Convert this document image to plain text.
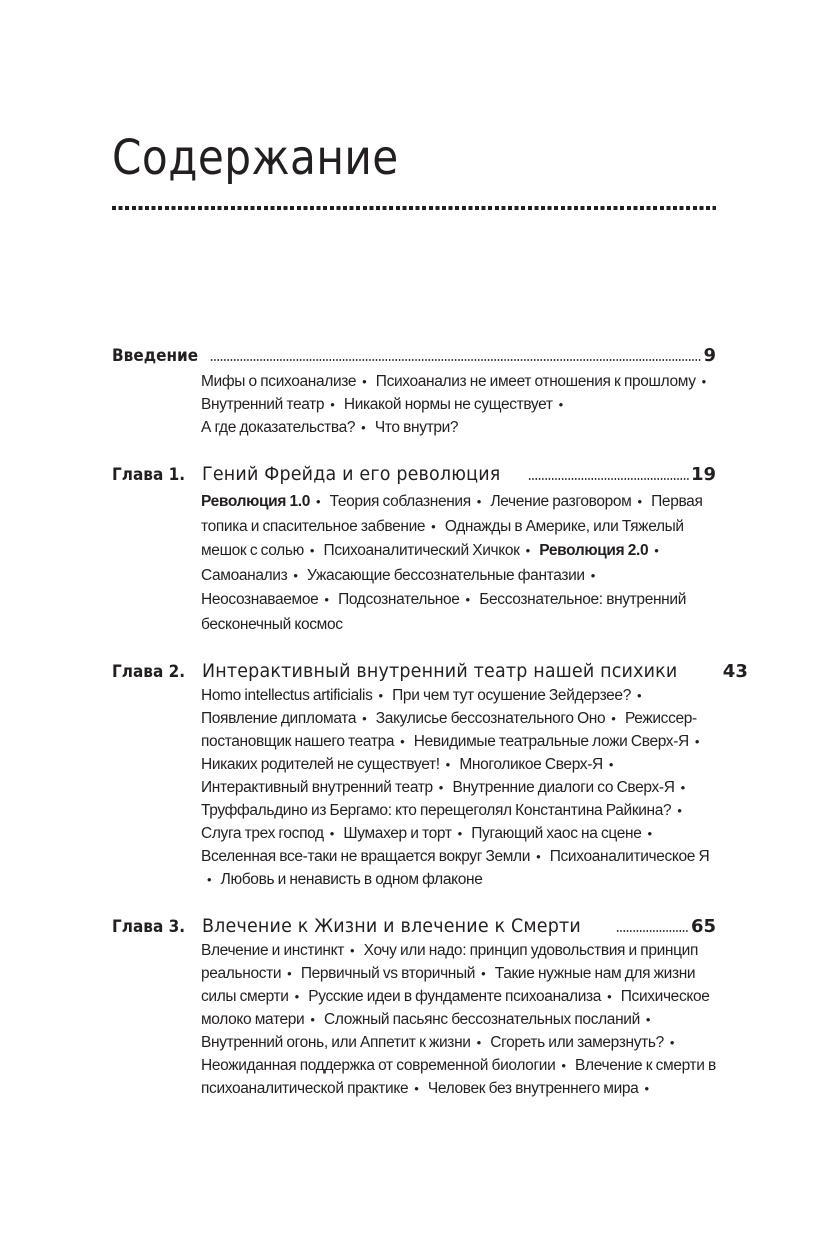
Содержание
Введение	9
Мифы о психоанализе • Психоанализ не имеет отношения к прошлому • Внутренний театр • Никакой нормы не существует •
А где доказательства? • Что внутри?
Глава 1. Гений Фрейда и его революция	19
Революция 1.0 • Теория соблазнения • Лечение разговором • Первая топика и спасительное забвение • Однажды в Америке, или Тяжелый мешок с солью • Психоаналитический Хичкок • Революция 2.0 • Самоанализ • Ужасающие бессознательные фантазии • Неосознаваемое • Подсознательное • Бессознательное: внутренний бесконечный космос
Глава 2. Интерактивный внутренний театр нашей психики	43
Homo intellectus artificialis • При чем тут осушение Зейдерзее? • Появление дипломата • Закулисье бессознательного Оно • Режиссер-постановщик нашего театра • Невидимые театральные ложи Сверх-Я • Никаких родителей не существует! • Многоликое Сверх-Я • Интерактивный внутренний театр • Внутренние диалоги со Сверх-Я • Труффальдино из Бергамо: кто перещеголял Константина Райкина? • Слуга трех господ • Шумахер и торт • Пугающий хаос на сцене • Вселенная все-таки не вращается вокруг Земли • Психоаналитическое Я• Любовь и ненависть в одном флаконе
Глава 3. Влечение к Жизни и влечение к Смерти	65
Влечение и инстинкт • Хочу или надо: принцип удовольствия и принцип реальности • Первичный vs вторичный • Такие нужные нам для жизни силы смерти • Русские идеи в фундаменте психоанализа • Психическое молоко матери • Сложный пасьянс бессознательных посланий • Внутренний огонь, или Аппетит к жизни • Сгореть или замерзнуть? • Неожиданная поддержка от современной биологии • Влечение к смерти в психоаналитической практике • Человек без внутреннего мира •
